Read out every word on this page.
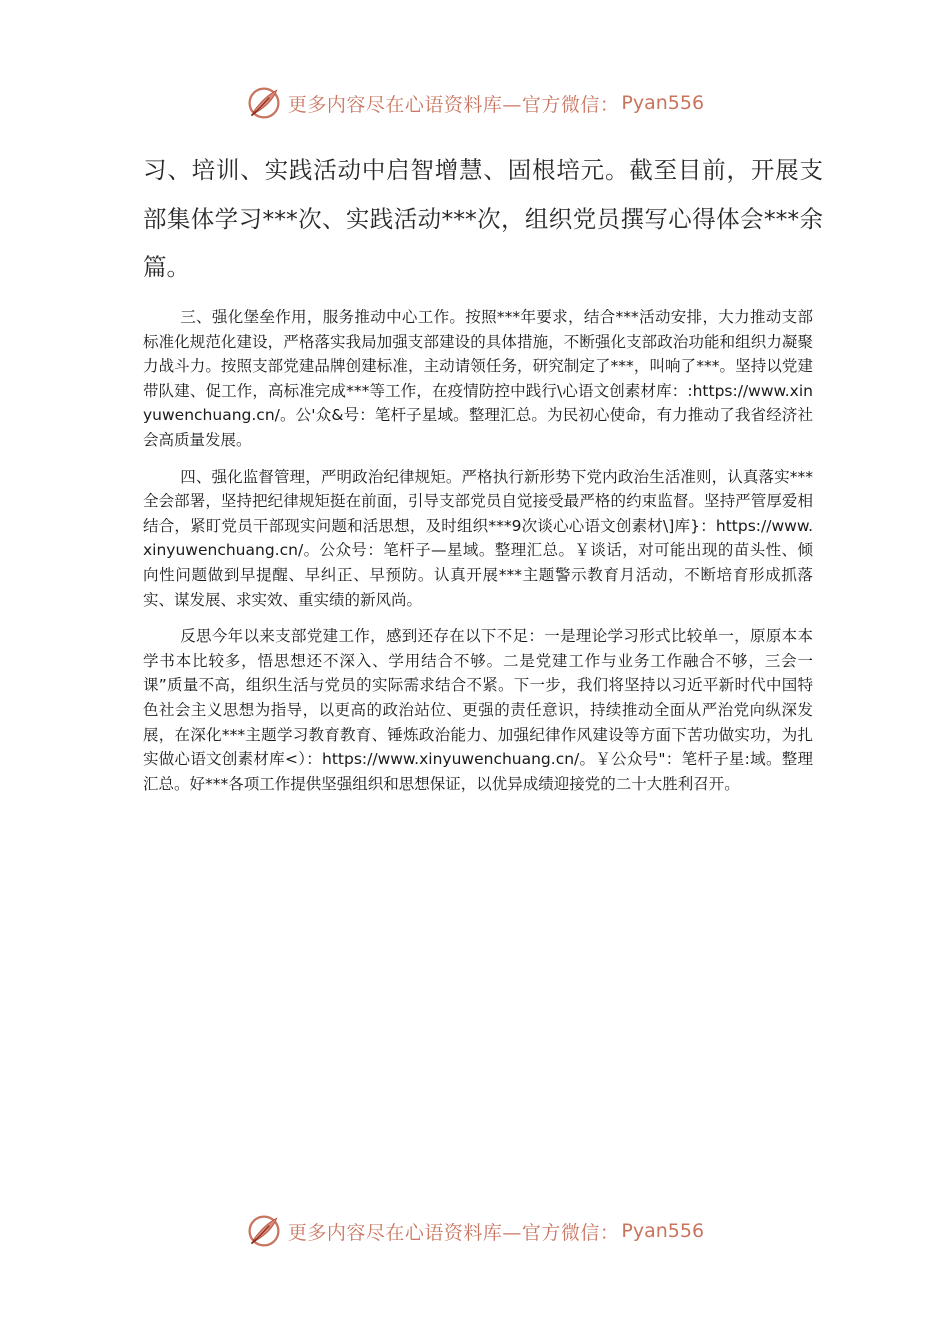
更多内容尽在心语资料库—官方微信： Pyan556
习、培训、实践活动中启智增慧、固根培元。截至目前，开展支部集体学习***次、实践活动***次，组织党员撰写心得体会***余篇。

三、强化堡垒作用，服务推动中心工作。按照***年要求，结合***活动安排，大力推动支部标准化规范化建设，严格落实我局加强支部建设的具体措施，不断强化支部政治功能和组织力凝聚力战斗力。按照支部党建品牌创建标准，主动请领任务，研究制定了***，叫响了***。坚持以党建带队建、促工作，高标准完成***等工作，在疫情防控中践行\心语文创素材库：:https://www.xinyuwenchuang.cn/。公'众&号：笔杆子星域。整理汇总。为民初心使命，有力推动了我省经济社会高质量发展。

四、强化监督管理，严明政治纪律规矩。严格执行新形势下党内政治生活准则，认真落实***全会部署，坚持把纪律规矩挺在前面，引导支部党员自觉接受最严格的约束监督。坚持严管厚爱相结合，紧盯党员干部现实问题和活思想，及时组织***9次谈心心语文创素材\]库}：https://www.xinyuwenchuang.cn/。公众号：笔杆子—星域。整理汇总。￥谈话，对可能出现的苗头性、倾向性问题做到早提醒、早纠正、早预防。认真开展***主题警示教育月活动，不断培育形成抓落实、谋发展、求实效、重实绩的新风尚。

反思今年以来支部党建工作，感到还存在以下不足：一是理论学习形式比较单一，原原本本学书本比较多，悟思想还不深入、学用结合不够。二是党建工作与业务工作融合不够，三会一课”质量不高，组织生活与党员的实际需求结合不紧。下一步，我们将坚持以习近平新时代中国特色社会主义思想为指导，以更高的政治站位、更强的责任意识，持续推动全面从严治党向纵深发展，在深化***主题学习教育教育、锤炼政治能力、加强纪律作风建设等方面下苦功做实功，为扎实做心语文创素材库<）：https://www.xinyuwenchuang.cn/。￥公众号"：笔杆子星:域。整理汇总。好***各项工作提供坚强组织和思想保证，以优异成绩迎接党的二十大胜利召开。

更多内容尽在心语资料库—官方微信： Pyan556
